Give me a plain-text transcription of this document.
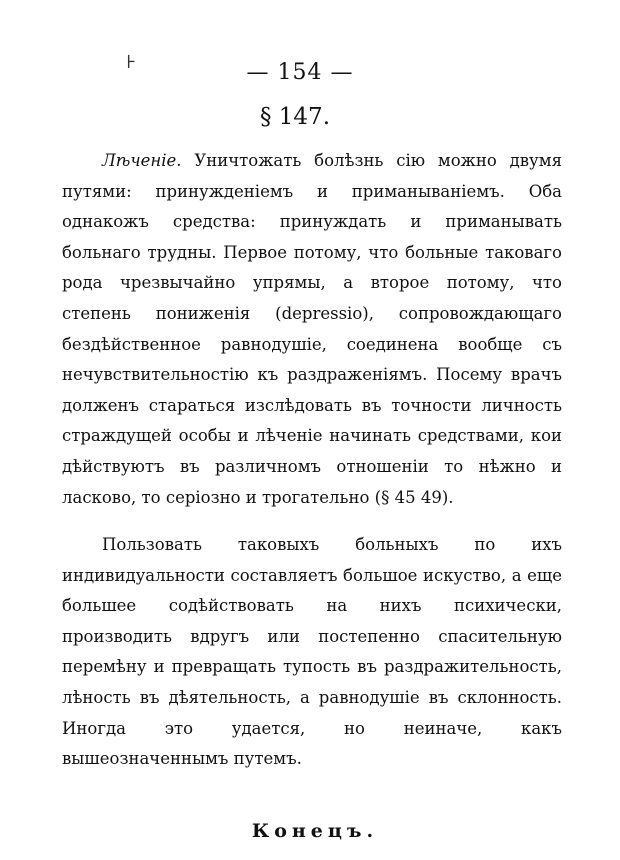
⊦	— 154 —
§ 147.

Лѣченіе. Уничтожать болѣзнь сію можно двумя путями: принужденіемъ и приманываніемъ. Оба однакожъ средства: принуждать и приманывать больнаго трудны. Первое потому, что больные таковаго рода чрезвычайно упрямы, а второе потому, что степень пониженія (depressio), сопровождающаго бездѣйственное равнодушіе, соединена вообще съ нечувствительностію къ раздраженіямъ. Посему врачъ долженъ стараться изслѣдовать въ точности личность страждущей особы и лѣченіе начинать средствами, кои дѣйствуютъ въ различномъ отношеніи то нѣжно и ласково, то серіозно и трогательно (§ 45 49).

Пользовать таковыхъ больныхъ по ихъ индивидуальности составляетъ большое искуство, а еще большее содѣйствовать на нихъ психически, производить вдругъ или постепенно спасительную перемѣну и превращать тупость въ раздражительность, лѣность въ дѣятельность, а равнодушіе въ склонность. Иногда это удается, но неиначе, какъ вышеозначеннымъ путемъ.

Конецъ.
